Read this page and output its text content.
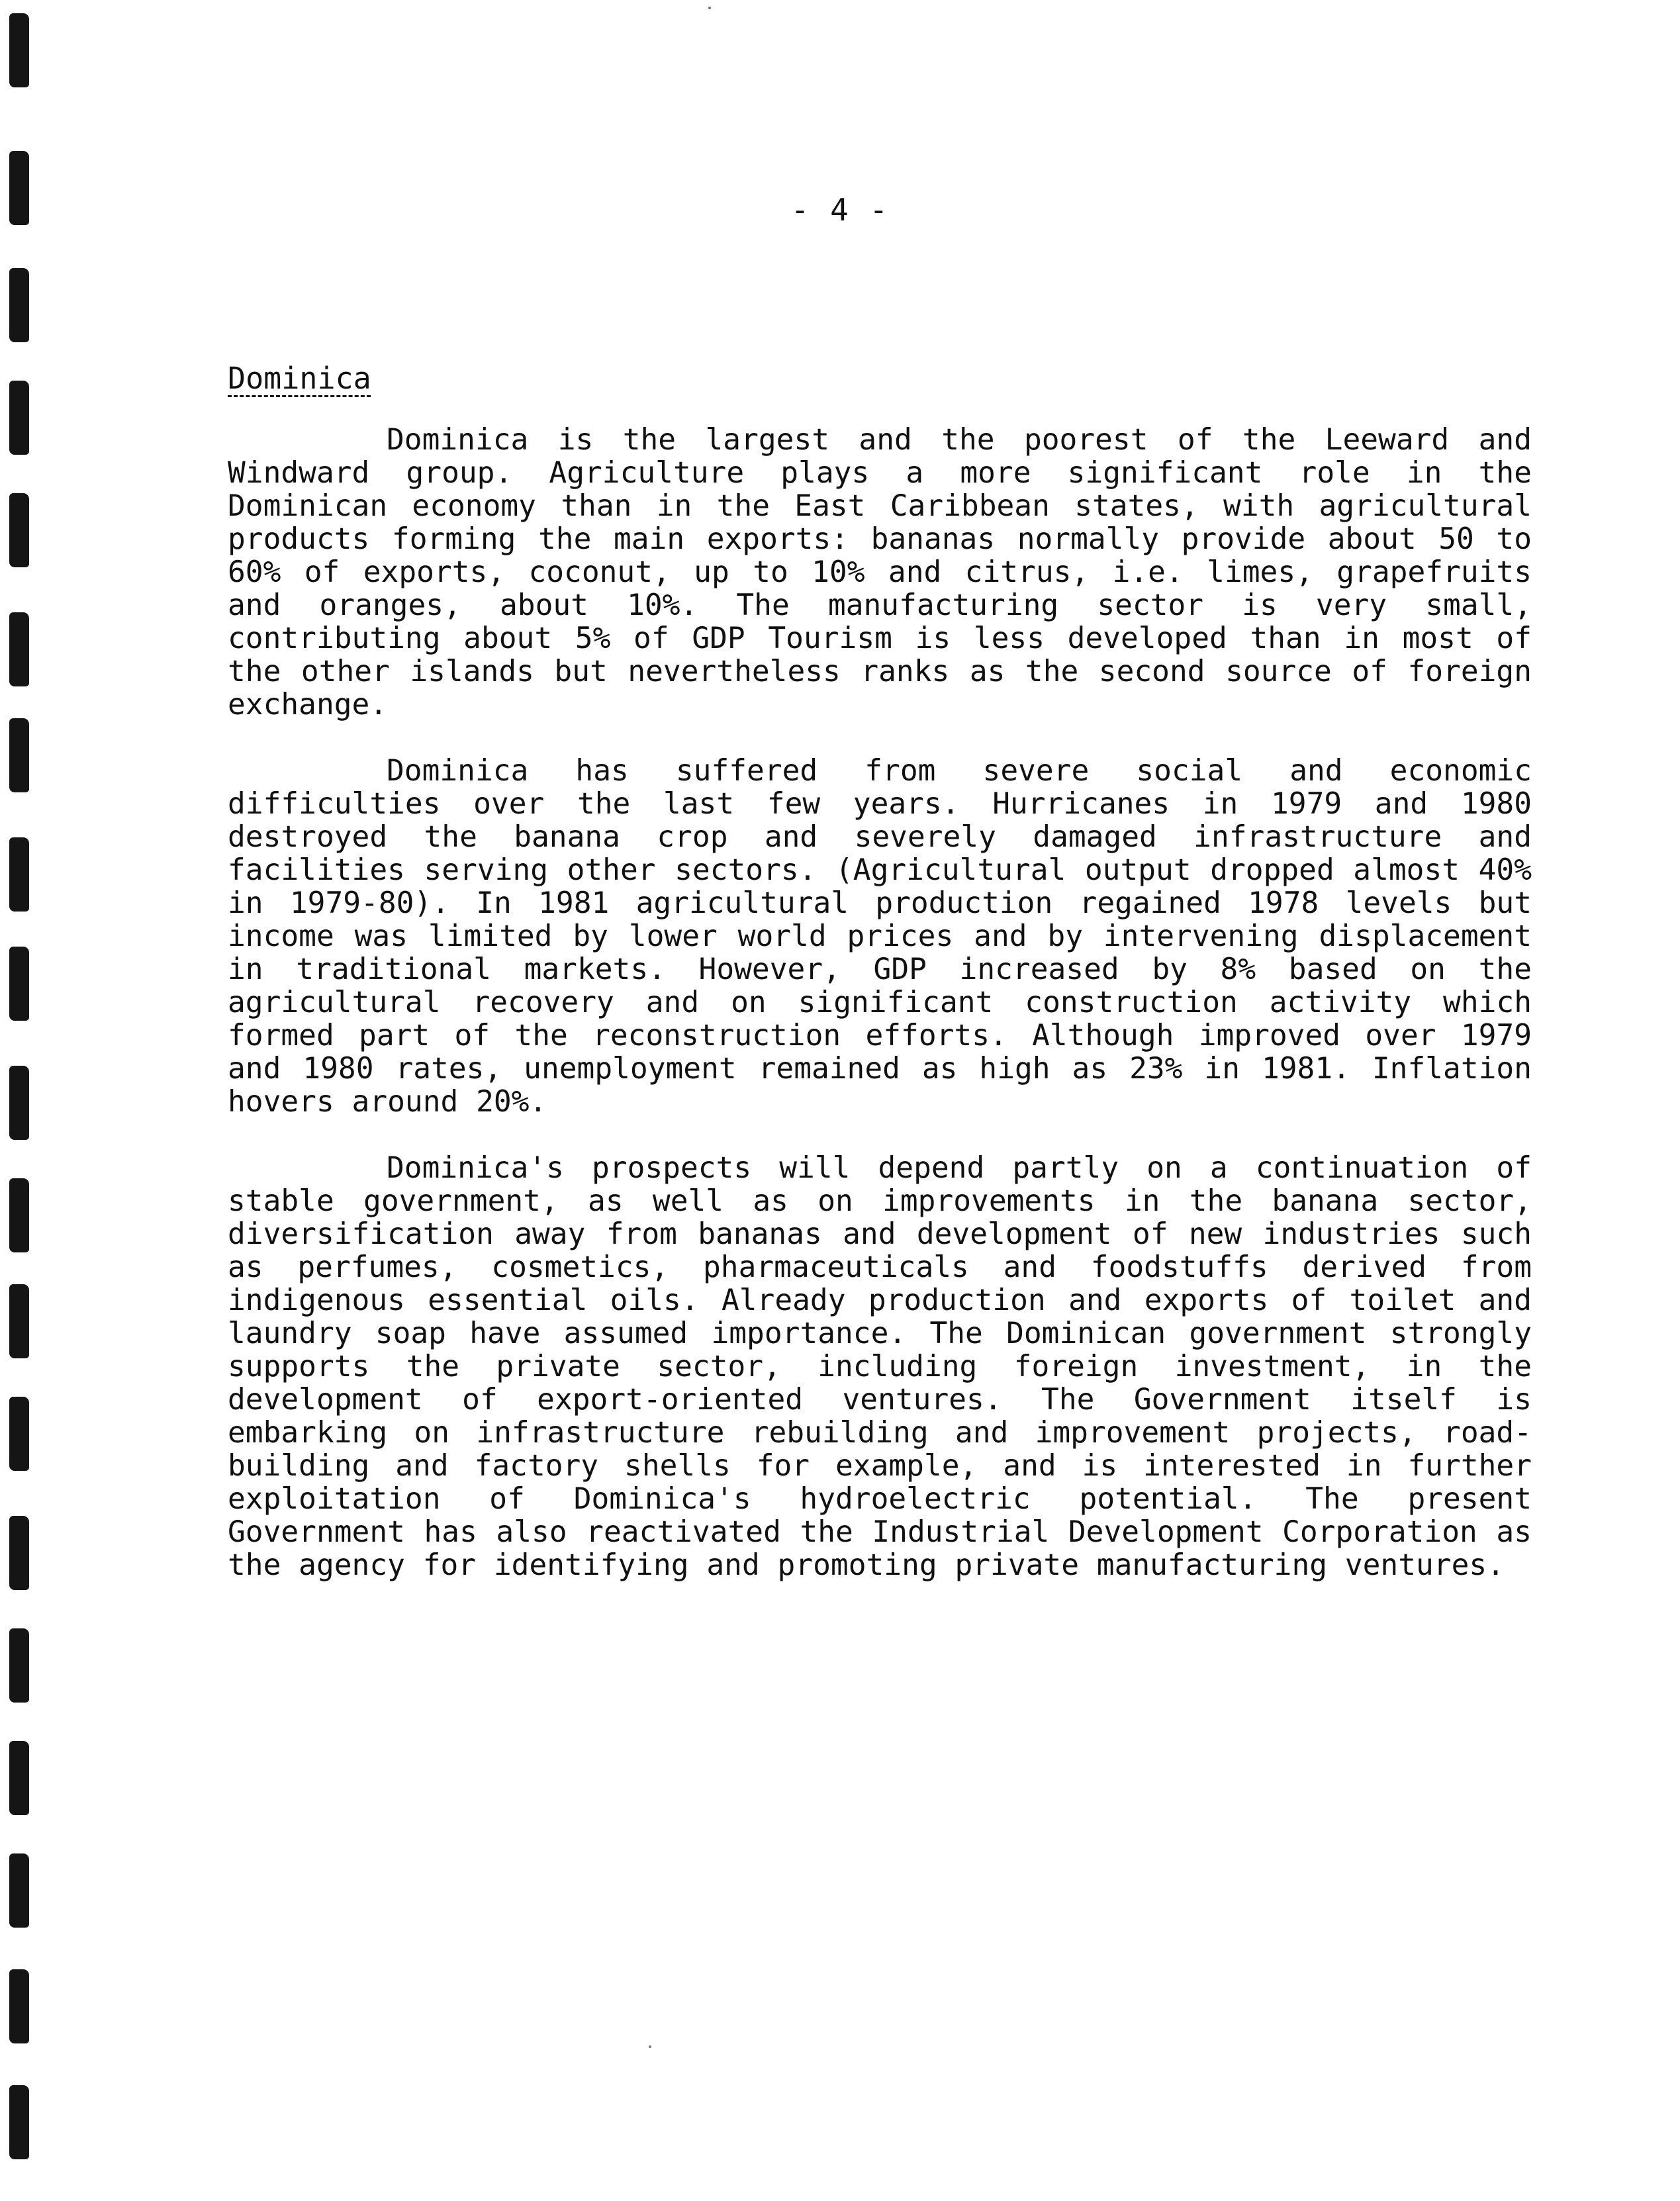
- 4 -
Dominica

Dominica is the largest and the poorest of the Leeward and Windward group. Agriculture plays a more significant role in the Dominican economy than in the East Caribbean states, with agricultural products forming the main exports: bananas normally provide about 50 to 60% of exports, coconut, up to 10% and citrus, i.e. limes, grapefruits and oranges, about 10%. The manufacturing sector is very small, contributing about 5% of GDP Tourism is less developed than in most of the other islands but nevertheless ranks as the second source of foreign exchange.

Dominica has suffered from severe social and economic difficulties over the last few years. Hurricanes in 1979 and 1980 destroyed the banana crop and severely damaged infrastructure and facilities serving other sectors. (Agricultural output dropped almost 40% in 1979-80). In 1981 agricultural production regained 1978 levels but income was limited by lower world prices and by intervening displacement in traditional markets. However, GDP increased by 8% based on the agricultural recovery and on significant construction activity which formed part of the reconstruction efforts. Although improved over 1979 and 1980 rates, unemployment remained as high as 23% in 1981. Inflation hovers around 20%.

Dominica's prospects will depend partly on a continuation of stable government, as well as on improvements in the banana sector, diversification away from bananas and development of new industries such as perfumes, cosmetics, pharmaceuticals and foodstuffs derived from indigenous essential oils. Already production and exports of toilet and laundry soap have assumed importance. The Dominican government strongly supports the private sector, including foreign investment, in the development of export-oriented ventures. The Government itself is embarking on infrastructure rebuilding and improvement projects, road-building and factory shells for example, and is interested in further exploitation of Dominica's hydroelectric potential. The present Government has also reactivated the Industrial Development Corporation as the agency for identifying and promoting private manufacturing ventures.
